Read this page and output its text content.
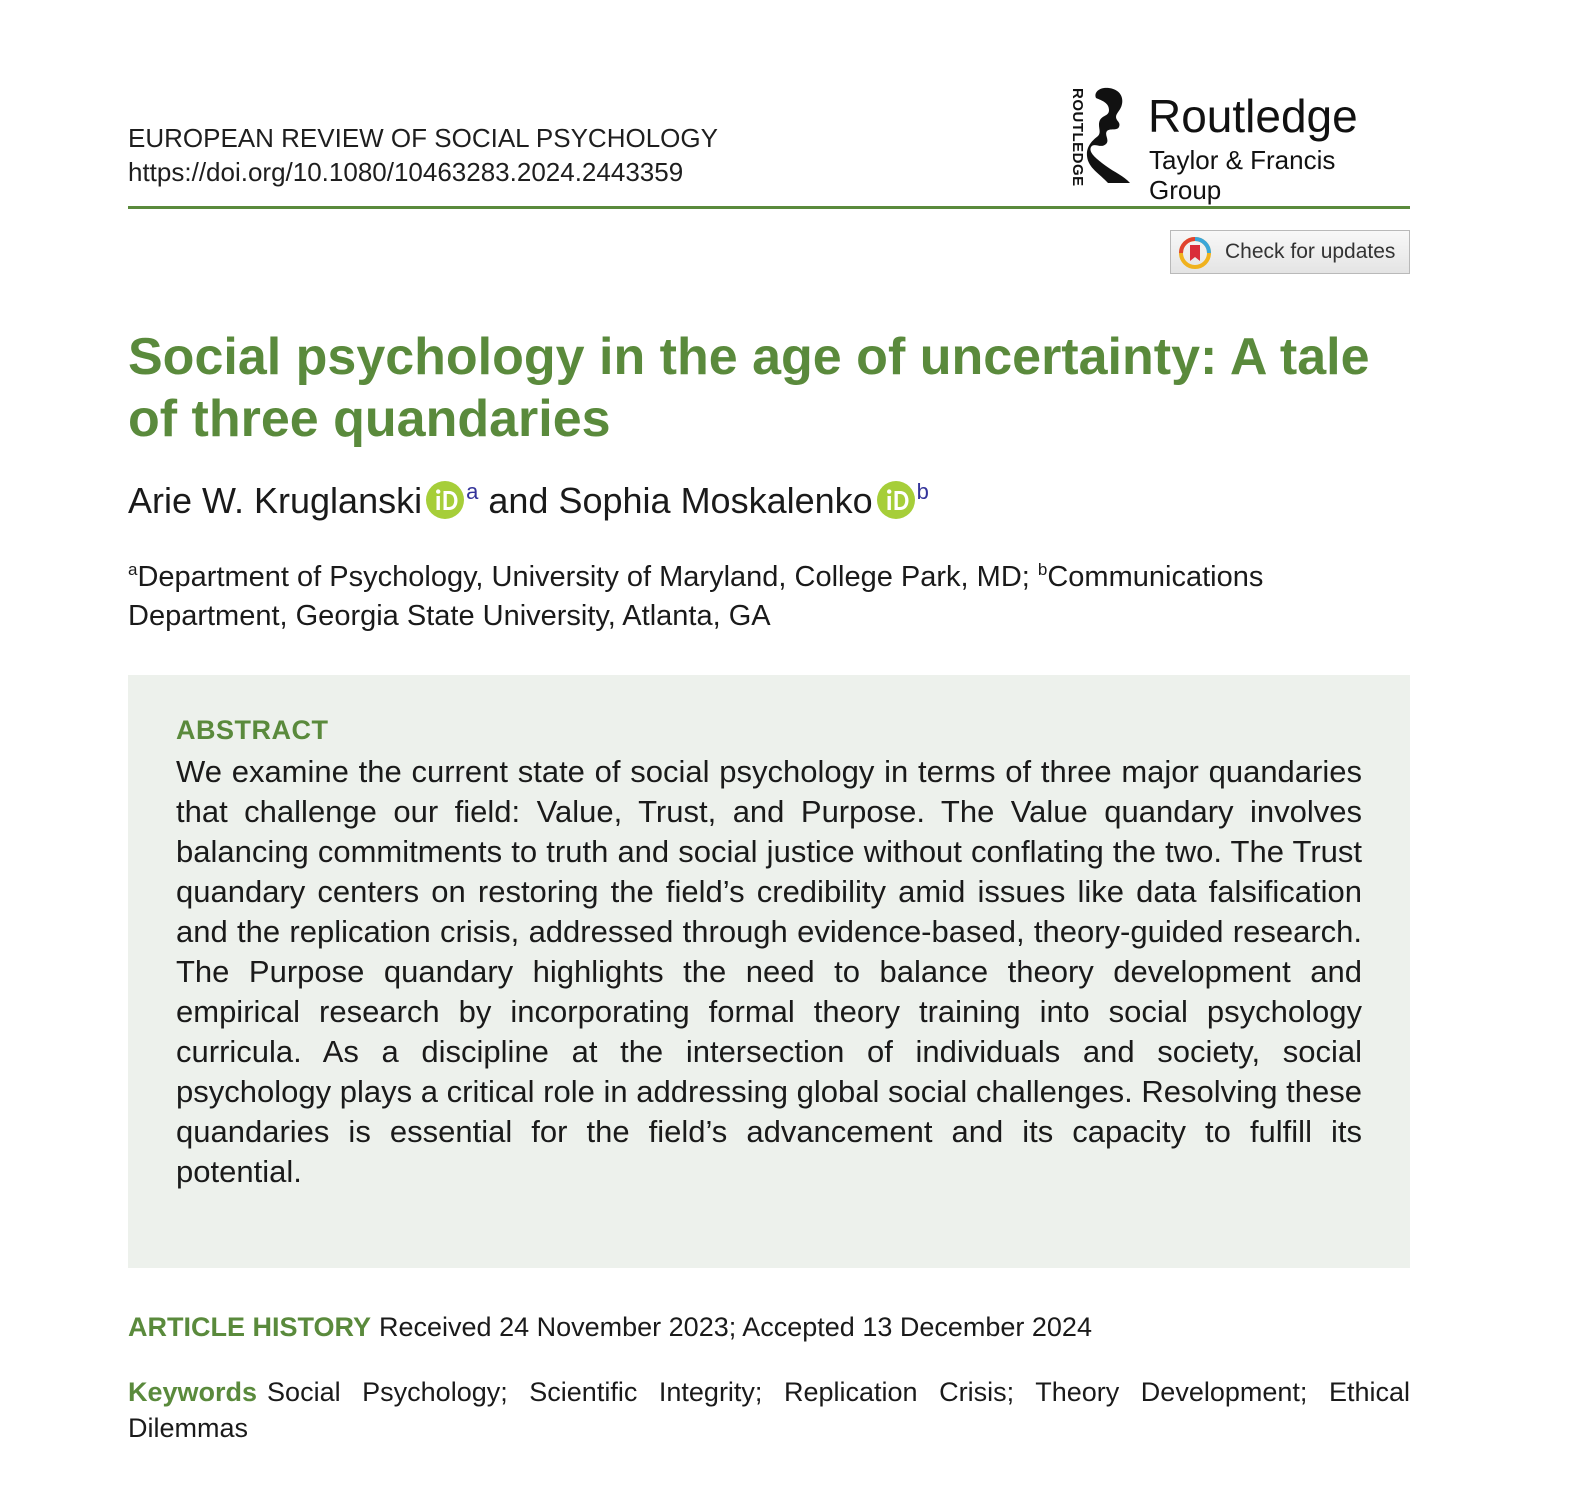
EUROPEAN REVIEW OF SOCIAL PSYCHOLOGY
https://doi.org/10.1080/10463283.2024.2443359	ROUTLEDGE Routledge
Taylor & Francis Group
Check for updates
Social psychology in the age of uncertainty: A tale of three quandaries
Arie W. Kruglanski $^a$ and Sophia Moskalenko $^b$
$^a$Department of Psychology, University of Maryland, College Park, MD; $^b$Communications Department, Georgia State University, Atlanta, GA
ABSTRACT

We examine the current state of social psychology in terms of three major quandaries that challenge our field: Value, Trust, and Purpose. The Value quandary involves balancing commitments to truth and social justice without conflating the two. The Trust quandary centers on restoring the field’s credibility amid issues like data falsification and the replication crisis, addressed through evidence-based, theory-guided research. The Purpose quandary highlights the need to balance theory development and empirical research by incorporating formal theory training into social psychology curricula. As a discipline at the intersection of individuals and society, social psychology plays a critical role in addressing global social challenges. Resolving these quandaries is essential for the field’s advancement and its capacity to fulfill its potential.

ARTICLE HISTORY Received 24 November 2023; Accepted 13 December 2024
Keywords Social Psychology; Scientific Integrity; Replication Crisis; Theory Development; Ethical Dilemmas
